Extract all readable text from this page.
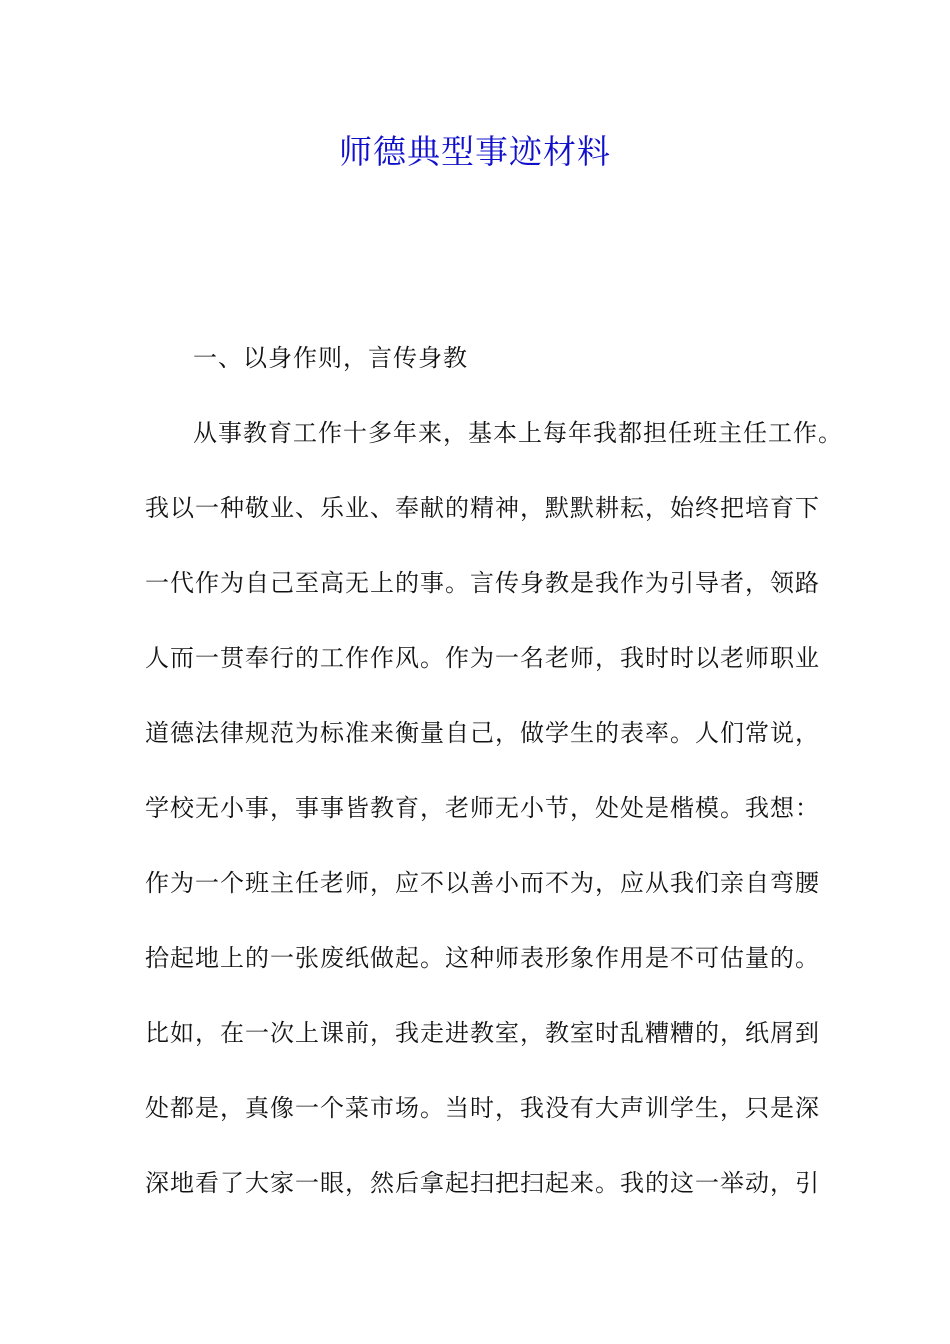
师德典型事迹材料
一、以身作则，言传身教
从事教育工作十多年来，基本上每年我都担任班主任工作。
我以一种敬业、乐业、奉献的精神，默默耕耘，始终把培育下
一代作为自己至高无上的事。言传身教是我作为引导者，领路
人而一贯奉行的工作作风。作为一名老师，我时时以老师职业
道德法律规范为标准来衡量自己，做学生的表率。人们常说，
学校无小事，事事皆教育，老师无小节，处处是楷模。我想：
作为一个班主任老师，应不以善小而不为，应从我们亲自弯腰
拾起地上的一张废纸做起。这种师表形象作用是不可估量的。
比如，在一次上课前，我走进教室，教室时乱糟糟的，纸屑到
处都是，真像一个菜市场。当时，我没有大声训学生，只是深
深地看了大家一眼，然后拿起扫把扫起来。我的这一举动，引
